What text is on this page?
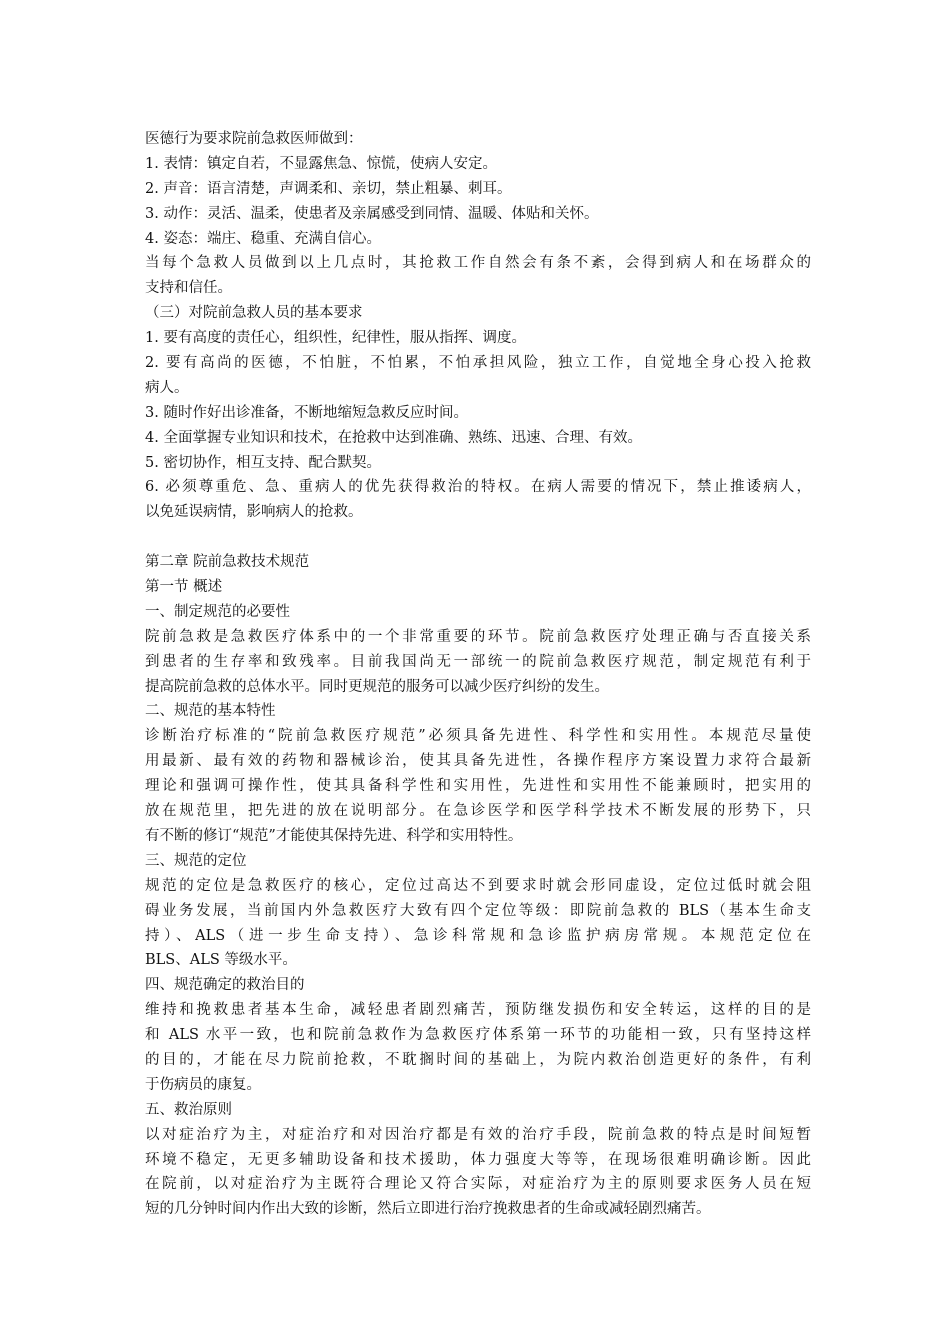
医德行为要求院前急救医师做到：
1. 表情：镇定自若，不显露焦急、惊慌，使病人安定。
2. 声音：语言清楚，声调柔和、亲切，禁止粗暴、刺耳。
3. 动作：灵活、温柔，使患者及亲属感受到同情、温暖、体贴和关怀。
4. 姿态：端庄、稳重、充满自信心。
当每个急救人员做到以上几点时，其抢救工作自然会有条不紊，会得到病人和在场群众的
支持和信任。
（三）对院前急救人员的基本要求
1. 要有高度的责任心，组织性，纪律性，服从指挥、调度。
2. 要有高尚的医德，不怕脏，不怕累，不怕承担风险，独立工作，自觉地全身心投入抢救
病人。
3. 随时作好出诊准备，不断地缩短急救反应时间。
4. 全面掌握专业知识和技术，在抢救中达到准确、熟练、迅速、合理、有效。
5. 密切协作，相互支持、配合默契。
6. 必须尊重危、急、重病人的优先获得救治的特权。在病人需要的情况下，禁止推诿病人，
以免延误病情，影响病人的抢救。
第二章 院前急救技术规范
第一节 概述
一、制定规范的必要性
院前急救是急救医疗体系中的一个非常重要的环节。院前急救医疗处理正确与否直接关系
到患者的生存率和致残率。目前我国尚无一部统一的院前急救医疗规范，制定规范有利于
提高院前急救的总体水平。同时更规范的服务可以减少医疗纠纷的发生。
二、规范的基本特性
诊断治疗标准的“院前急救医疗规范”必须具备先进性、科学性和实用性。本规范尽量使
用最新、最有效的药物和器械诊治，使其具备先进性，各操作程序方案设置力求符合最新
理论和强调可操作性，使其具备科学性和实用性，先进性和实用性不能兼顾时，把实用的
放在规范里，把先进的放在说明部分。在急诊医学和医学科学技术不断发展的形势下，只
有不断的修订“规范”才能使其保持先进、科学和实用特性。
三、规范的定位
规范的定位是急救医疗的核心，定位过高达不到要求时就会形同虚设，定位过低时就会阻
碍业务发展，当前国内外急救医疗大致有四个定位等级：即院前急救的 BLS（基本生命支
持）、ALS（进一步生命支持）、急诊科常规和急诊监护病房常规。本规范定位在
BLS、ALS 等级水平。
四、规范确定的救治目的
维持和挽救患者基本生命，减轻患者剧烈痛苦，预防继发损伤和安全转运，这样的目的是
和 ALS 水平一致，也和院前急救作为急救医疗体系第一环节的功能相一致，只有坚持这样
的目的，才能在尽力院前抢救，不耽搁时间的基础上，为院内救治创造更好的条件，有利
于伤病员的康复。
五、救治原则
以对症治疗为主，对症治疗和对因治疗都是有效的治疗手段，院前急救的特点是时间短暂
环境不稳定，无更多辅助设备和技术援助，体力强度大等等，在现场很难明确诊断。因此
在院前，以对症治疗为主既符合理论又符合实际，对症治疗为主的原则要求医务人员在短
短的几分钟时间内作出大致的诊断，然后立即进行治疗挽救患者的生命或减轻剧烈痛苦。
